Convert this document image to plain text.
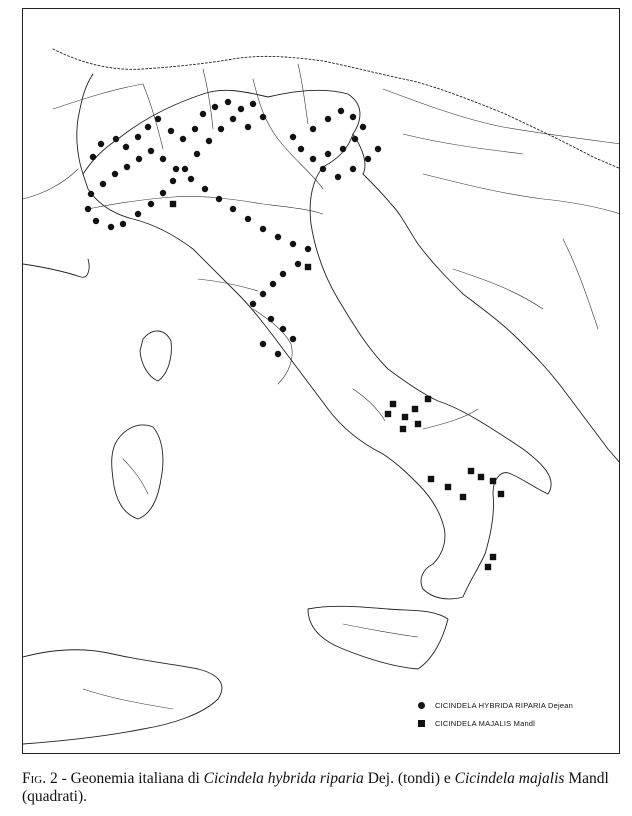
CICINDELA HYBRIDA RIPARIA Dejean
CICINDELA MAJALIS Mandl
Fig. 2 - Geonemia italiana di Cicindela hybrida riparia Dej. (tondi) e Cicindela majalis Mandl (quadrati).
